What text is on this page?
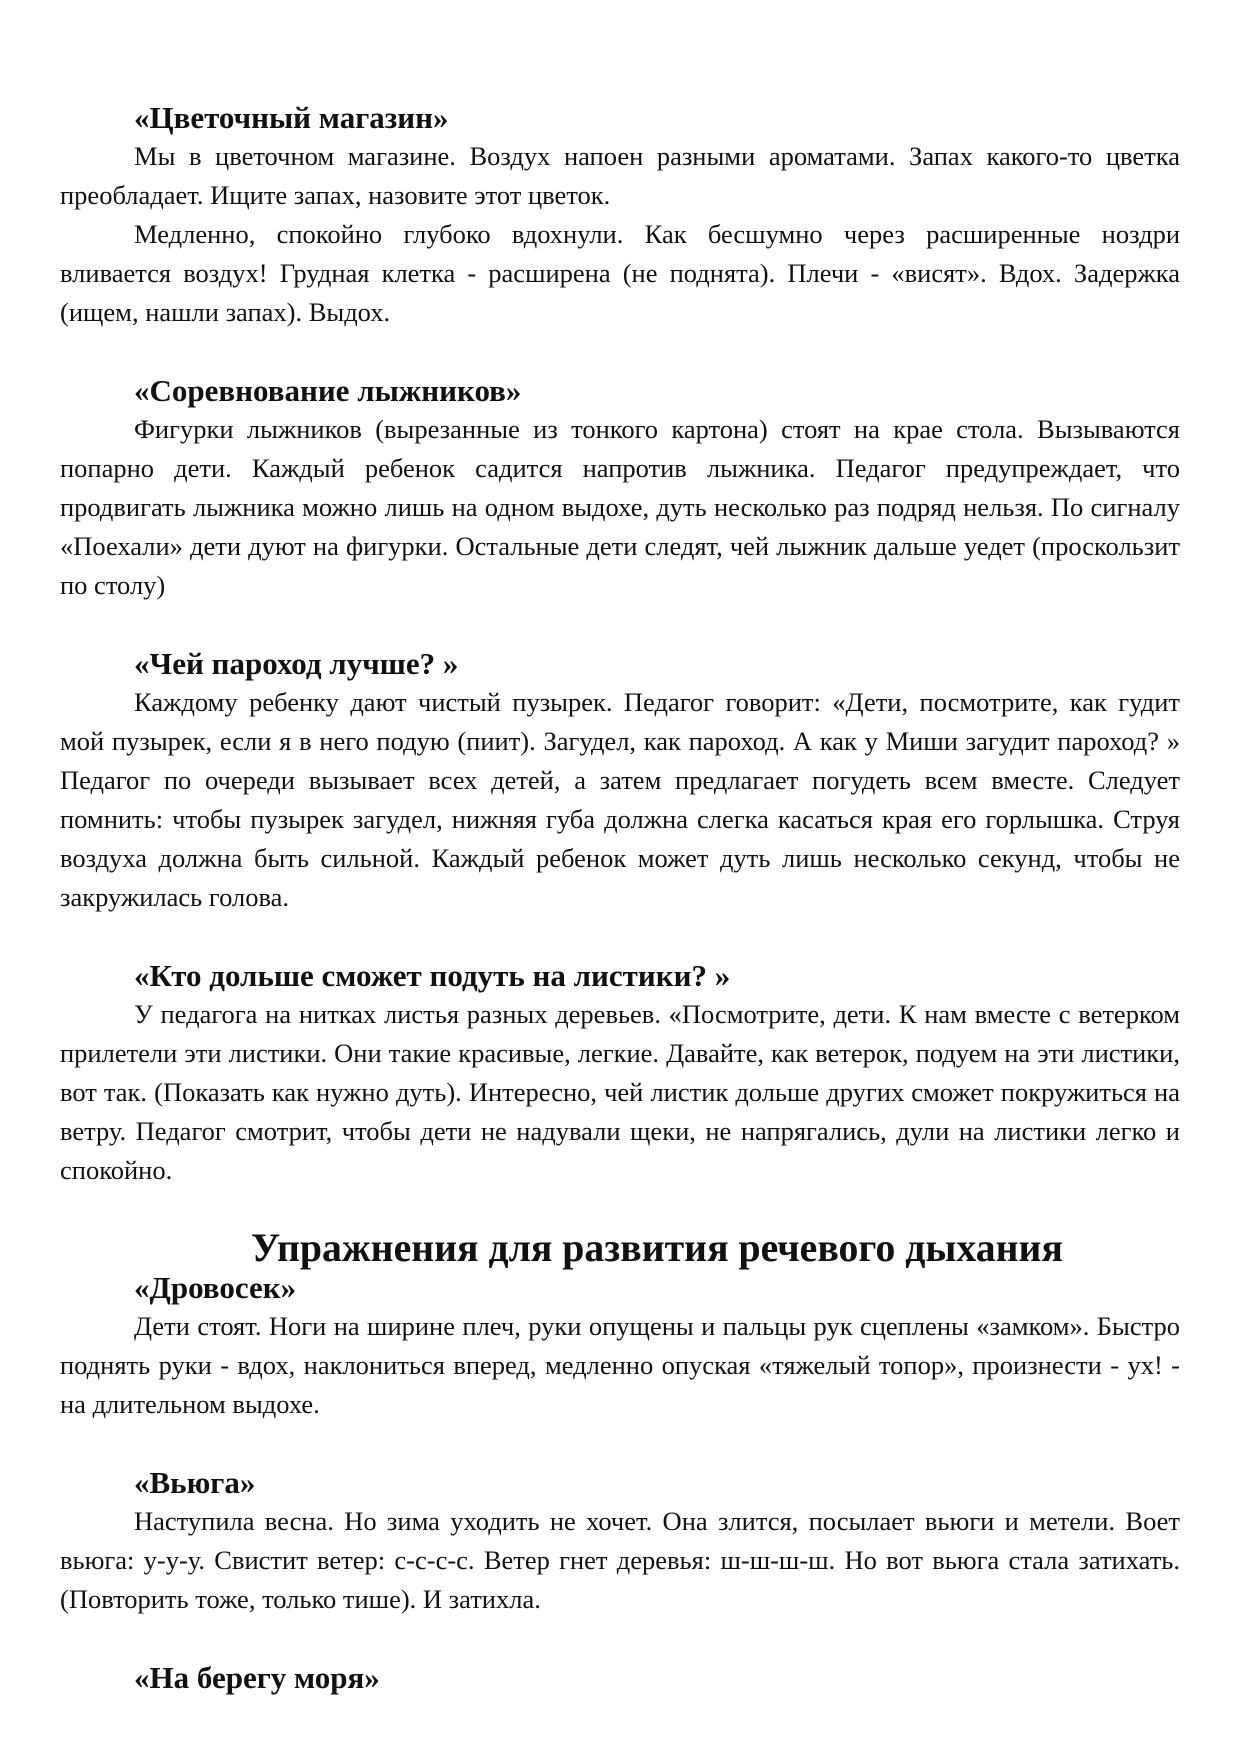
«Цветочный магазин»

Мы в цветочном магазине. Воздух напоен разными ароматами. Запах какого-то цветка преобладает. Ищите запах, назовите этот цветок.

Медленно, спокойно глубоко вдохнули. Как бесшумно через расширенные ноздри вливается воздух! Грудная клетка - расширена (не поднята). Плечи - «висят». Вдох. Задержка (ищем, нашли запах). Выдох.

«Соревнование лыжников»

Фигурки лыжников (вырезанные из тонкого картона) стоят на крае стола. Вызываются попарно дети. Каждый ребенок садится напротив лыжника. Педагог предупреждает, что продвигать лыжника можно лишь на одном выдохе, дуть несколько раз подряд нельзя. По сигналу «Поехали» дети дуют на фигурки. Остальные дети следят, чей лыжник дальше уедет (проскользит по столу)

«Чей пароход лучше? »

Каждому ребенку дают чистый пузырек. Педагог говорит: «Дети, посмотрите, как гудит мой пузырек, если я в него подую (пиит). Загудел, как пароход. А как у Миши загудит пароход? » Педагог по очереди вызывает всех детей, а затем предлагает погудеть всем вместе. Следует помнить: чтобы пузырек загудел, нижняя губа должна слегка касаться края его горлышка. Струя воздуха должна быть сильной. Каждый ребенок может дуть лишь несколько секунд, чтобы не закружилась голова.

«Кто дольше сможет подуть на листики? »

У педагога на нитках листья разных деревьев. «Посмотрите, дети. К нам вместе с ветерком прилетели эти листики. Они такие красивые, легкие. Давайте, как ветерок, подуем на эти листики, вот так. (Показать как нужно дуть). Интересно, чей листик дольше других сможет покружиться на ветру. Педагог смотрит, чтобы дети не надували щеки, не напрягались, дули на листики легко и спокойно.

Упражнения для развития речевого дыхания
«Дровосек»

Дети стоят. Ноги на ширине плеч, руки опущены и пальцы рук сцеплены «замком». Быстро поднять руки - вдох, наклониться вперед, медленно опуская «тяжелый топор», произнести - ух! - на длительном выдохе.

«Вьюга»

Наступила весна. Но зима уходить не хочет. Она злится, посылает вьюги и метели. Воет вьюга: у-у-у. Свистит ветер: с-с-с-с. Ветер гнет деревья: ш-ш-ш-ш. Но вот вьюга стала затихать. (Повторить тоже, только тише). И затихла.

«На берегу моря»
